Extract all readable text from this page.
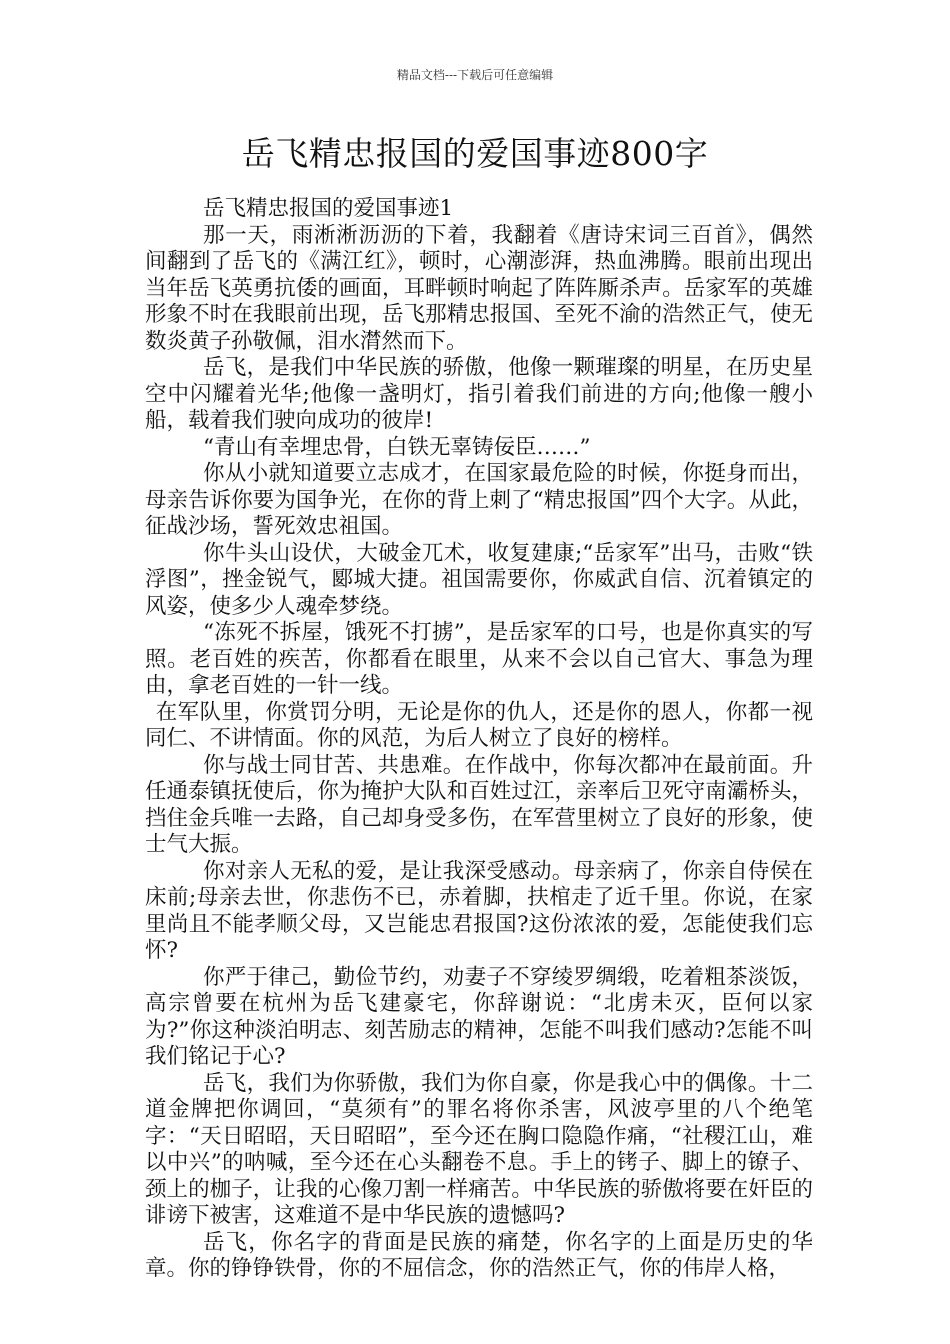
精品文档---下载后可任意编辑
岳飞精忠报国的爱国事迹800字

岳飞精忠报国的爱国事迹1

那一天，雨淅淅沥沥的下着，我翻着《唐诗宋词三百首》，偶然间翻到了岳飞的《满江红》，顿时，心潮澎湃，热血沸腾。眼前出现出当年岳飞英勇抗倭的画面，耳畔顿时响起了阵阵厮杀声。岳家军的英雄形象不时在我眼前出现，岳飞那精忠报国、至死不渝的浩然正气，使无数炎黄子孙敬佩，泪水潸然而下。

岳飞，是我们中华民族的骄傲，他像一颗璀璨的明星，在历史星空中闪耀着光华;他像一盏明灯，指引着我们前进的方向;他像一艘小船，载着我们驶向成功的彼岸!

“青山有幸埋忠骨，白铁无辜铸佞臣……”

你从小就知道要立志成才，在国家最危险的时候，你挺身而出，母亲告诉你要为国争光，在你的背上刺了“精忠报国”四个大字。从此，征战沙场，誓死效忠祖国。

你牛头山设伏，大破金兀术，收复建康;“岳家军”出马，击败“铁浮图”，挫金锐气，郾城大捷。祖国需要你，你威武自信、沉着镇定的风姿，使多少人魂牵梦绕。

“冻死不拆屋，饿死不打掳”，是岳家军的口号，也是你真实的写照。老百姓的疾苦，你都看在眼里，从来不会以自己官大、事急为理由，拿老百姓的一针一线。

在军队里，你赏罚分明，无论是你的仇人，还是你的恩人，你都一视同仁、不讲情面。你的风范，为后人树立了良好的榜样。

你与战士同甘苦、共患难。在作战中，你每次都冲在最前面。升任通泰镇抚使后，你为掩护大队和百姓过江，亲率后卫死守南灞桥头，挡住金兵唯一去路，自己却身受多伤，在军营里树立了良好的形象，使士气大振。

你对亲人无私的爱，是让我深受感动。母亲病了，你亲自侍侯在床前;母亲去世，你悲伤不已，赤着脚，扶棺走了近千里。你说，在家里尚且不能孝顺父母，又岂能忠君报国?这份浓浓的爱，怎能使我们忘怀?

你严于律己，勤俭节约，劝妻子不穿绫罗绸缎，吃着粗茶淡饭，高宗曾要在杭州为岳飞建豪宅，你辞谢说：“北虏未灭，臣何以家为?”你这种淡泊明志、刻苦励志的精神，怎能不叫我们感动?怎能不叫我们铭记于心?

岳飞，我们为你骄傲，我们为你自豪，你是我心中的偶像。十二道金牌把你调回，“莫须有”的罪名将你杀害，风波亭里的八个绝笔字：“天日昭昭，天日昭昭”，至今还在胸口隐隐作痛，“社稷江山，难以中兴”的呐喊，至今还在心头翻卷不息。手上的铐子、脚上的镣子、颈上的枷子，让我的心像刀割一样痛苦。中华民族的骄傲将要在奸臣的诽谤下被害，这难道不是中华民族的遗憾吗?

岳飞，你名字的背面是民族的痛楚，你名字的上面是历史的华章。你的铮铮铁骨，你的不屈信念，你的浩然正气，你的伟岸人格，
